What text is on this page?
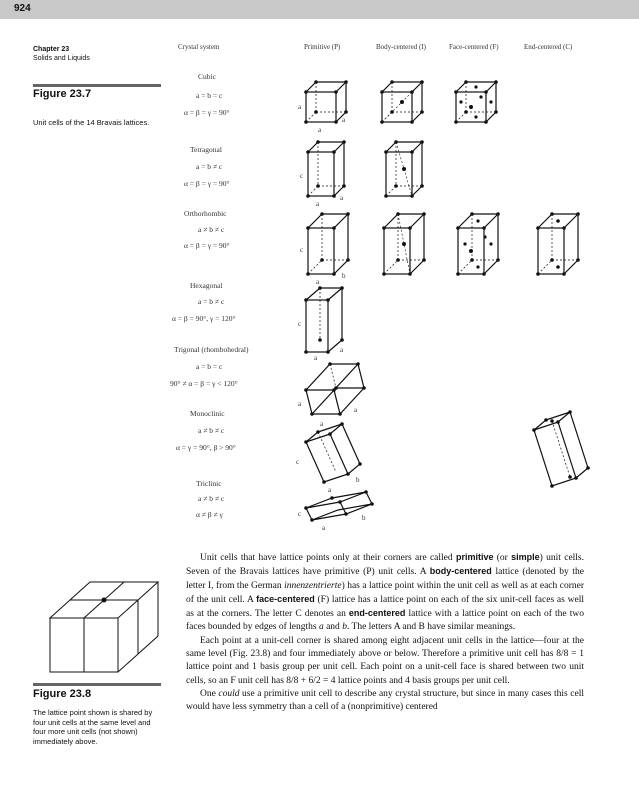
924
Chapter 23
Solids and Liquids
Figure 23.7
Unit cells of the 14 Bravais lattices.
Crystal system	Primitive (P)	Body-centered (I)	Face-centered (F)	End-centered (C)
Cubic
a = b = c
α = β = γ = 90°
Tetragonal
a = b ≠ c
α = β = γ = 90°
Orthorhombic
a ≠ b ≠ c
α = β = γ = 90°
Hexagonal
a = b ≠ c
α = β = 90°, γ = 120°
Trigonal (rhombohedral)
a = b = c
90° ≠ α = β = γ < 120°
Monoclinic
a ≠ b ≠ c
α = γ = 90°, β > 90°
Triclinic
a ≠ b ≠ c
α ≠ β ≠ γ
a
a
a
c
a
a
c
a
b
c
a
a
a
a
a
c
a
b
c
a
b
Figure 23.8
The lattice point shown is shared by four unit cells at the same level and four more unit cells (not shown) immediately above.

Unit cells that have lattice points only at their corners are called primitive (or simple) unit cells. Seven of the Bravais lattices have primitive (P) unit cells. A body-centered lattice (denoted by the letter I, from the German innenzentrierte) has a lattice point within the unit cell as well as at each corner of the unit cell. A face-centered (F) lattice has a lattice point on each of the six unit-cell faces as well as at the corners. The letter C denotes an end-centered lattice with a lattice point on each of the two faces bounded by edges of lengths a and b. The letters A and B have similar meanings.

Each point at a unit-cell corner is shared among eight adjacent unit cells in the lattice—four at the same level (Fig. 23.8) and four immediately above or below. Therefore a primitive unit cell has 8/8 = 1 lattice point and 1 basis group per unit cell. Each point on a unit-cell face is shared between two unit cells, so an F unit cell has 8/8 + 6/2 = 4 lattice points and 4 basis groups per unit cell.

One could use a primitive unit cell to describe any crystal structure, but since in many cases this cell would have less symmetry than a cell of a (nonprimitive) centered
